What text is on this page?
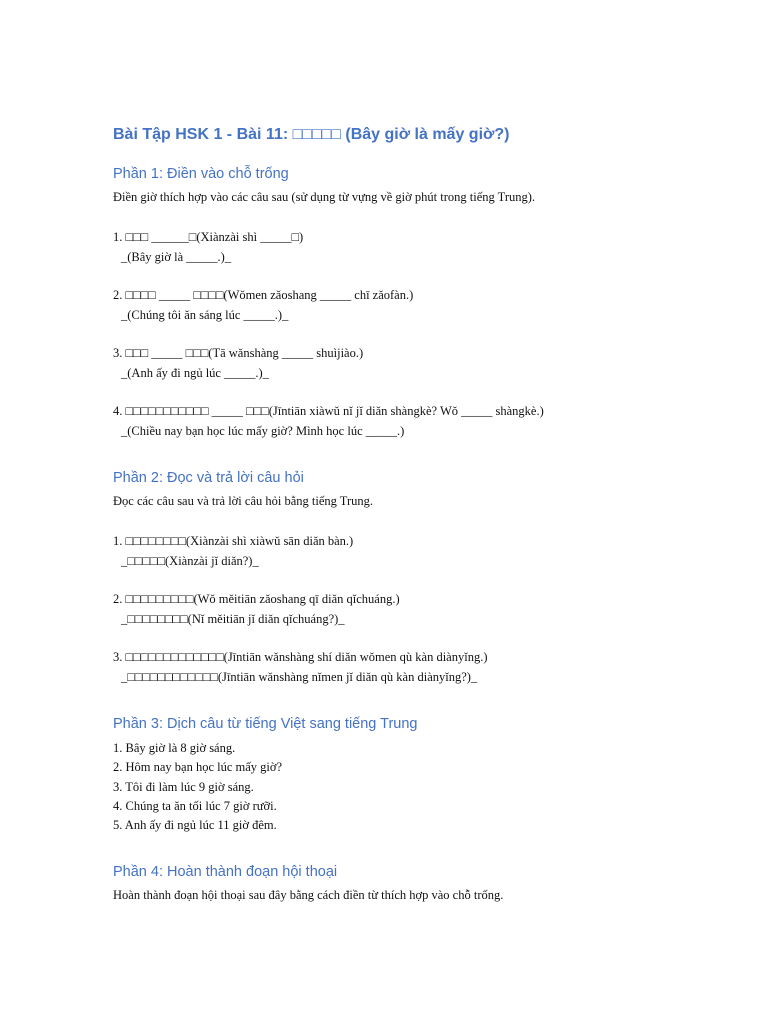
Bài Tập HSK 1 - Bài 11: □□□□□ (Bây giờ là mấy giờ?)
Phần 1: Điền vào chỗ trống
Điền giờ thích hợp vào các câu sau (sử dụng từ vựng về giờ phút trong tiếng Trung).
1. □□□ ______□(Xiànzài shì _____□)
_(Bây giờ là _____.)_
2. □□□□ _____ □□□□(Wǒmen zǎoshang _____ chī zǎofàn.)
_(Chúng tôi ăn sáng lúc _____.)_
3. □□□ _____ □□□(Tā wǎnshàng _____ shuìjiào.)
_(Anh ấy đi ngủ lúc _____.)_
4. □□□□□□□□□□□ _____ □□□(Jīntiān xiàwǔ nǐ jǐ diǎn shàngkè? Wǒ _____ shàngkè.)
_(Chiều nay bạn học lúc mấy giờ? Mình học lúc _____.)
Phần 2: Đọc và trả lời câu hỏi
Đọc các câu sau và trả lời câu hỏi bằng tiếng Trung.
1. □□□□□□□□(Xiànzài shì xiàwǔ sān diǎn bàn.)
_□□□□□(Xiànzài jǐ diǎn?)_
2. □□□□□□□□□(Wǒ měitiān zǎoshang qī diǎn qǐchuáng.)
_□□□□□□□□(Nǐ měitiān jǐ diǎn qǐchuáng?)_
3. □□□□□□□□□□□□□(Jīntiān wǎnshàng shí diǎn wǒmen qù kàn diànyǐng.)
_□□□□□□□□□□□□(Jīntiān wǎnshàng nǐmen jǐ diǎn qù kàn diànyǐng?)_
Phần 3: Dịch câu từ tiếng Việt sang tiếng Trung
1. Bây giờ là 8 giờ sáng.
2. Hôm nay bạn học lúc mấy giờ?
3. Tôi đi làm lúc 9 giờ sáng.
4. Chúng ta ăn tối lúc 7 giờ rưỡi.
5. Anh ấy đi ngủ lúc 11 giờ đêm.
Phần 4: Hoàn thành đoạn hội thoại
Hoàn thành đoạn hội thoại sau đây bằng cách điền từ thích hợp vào chỗ trống.
